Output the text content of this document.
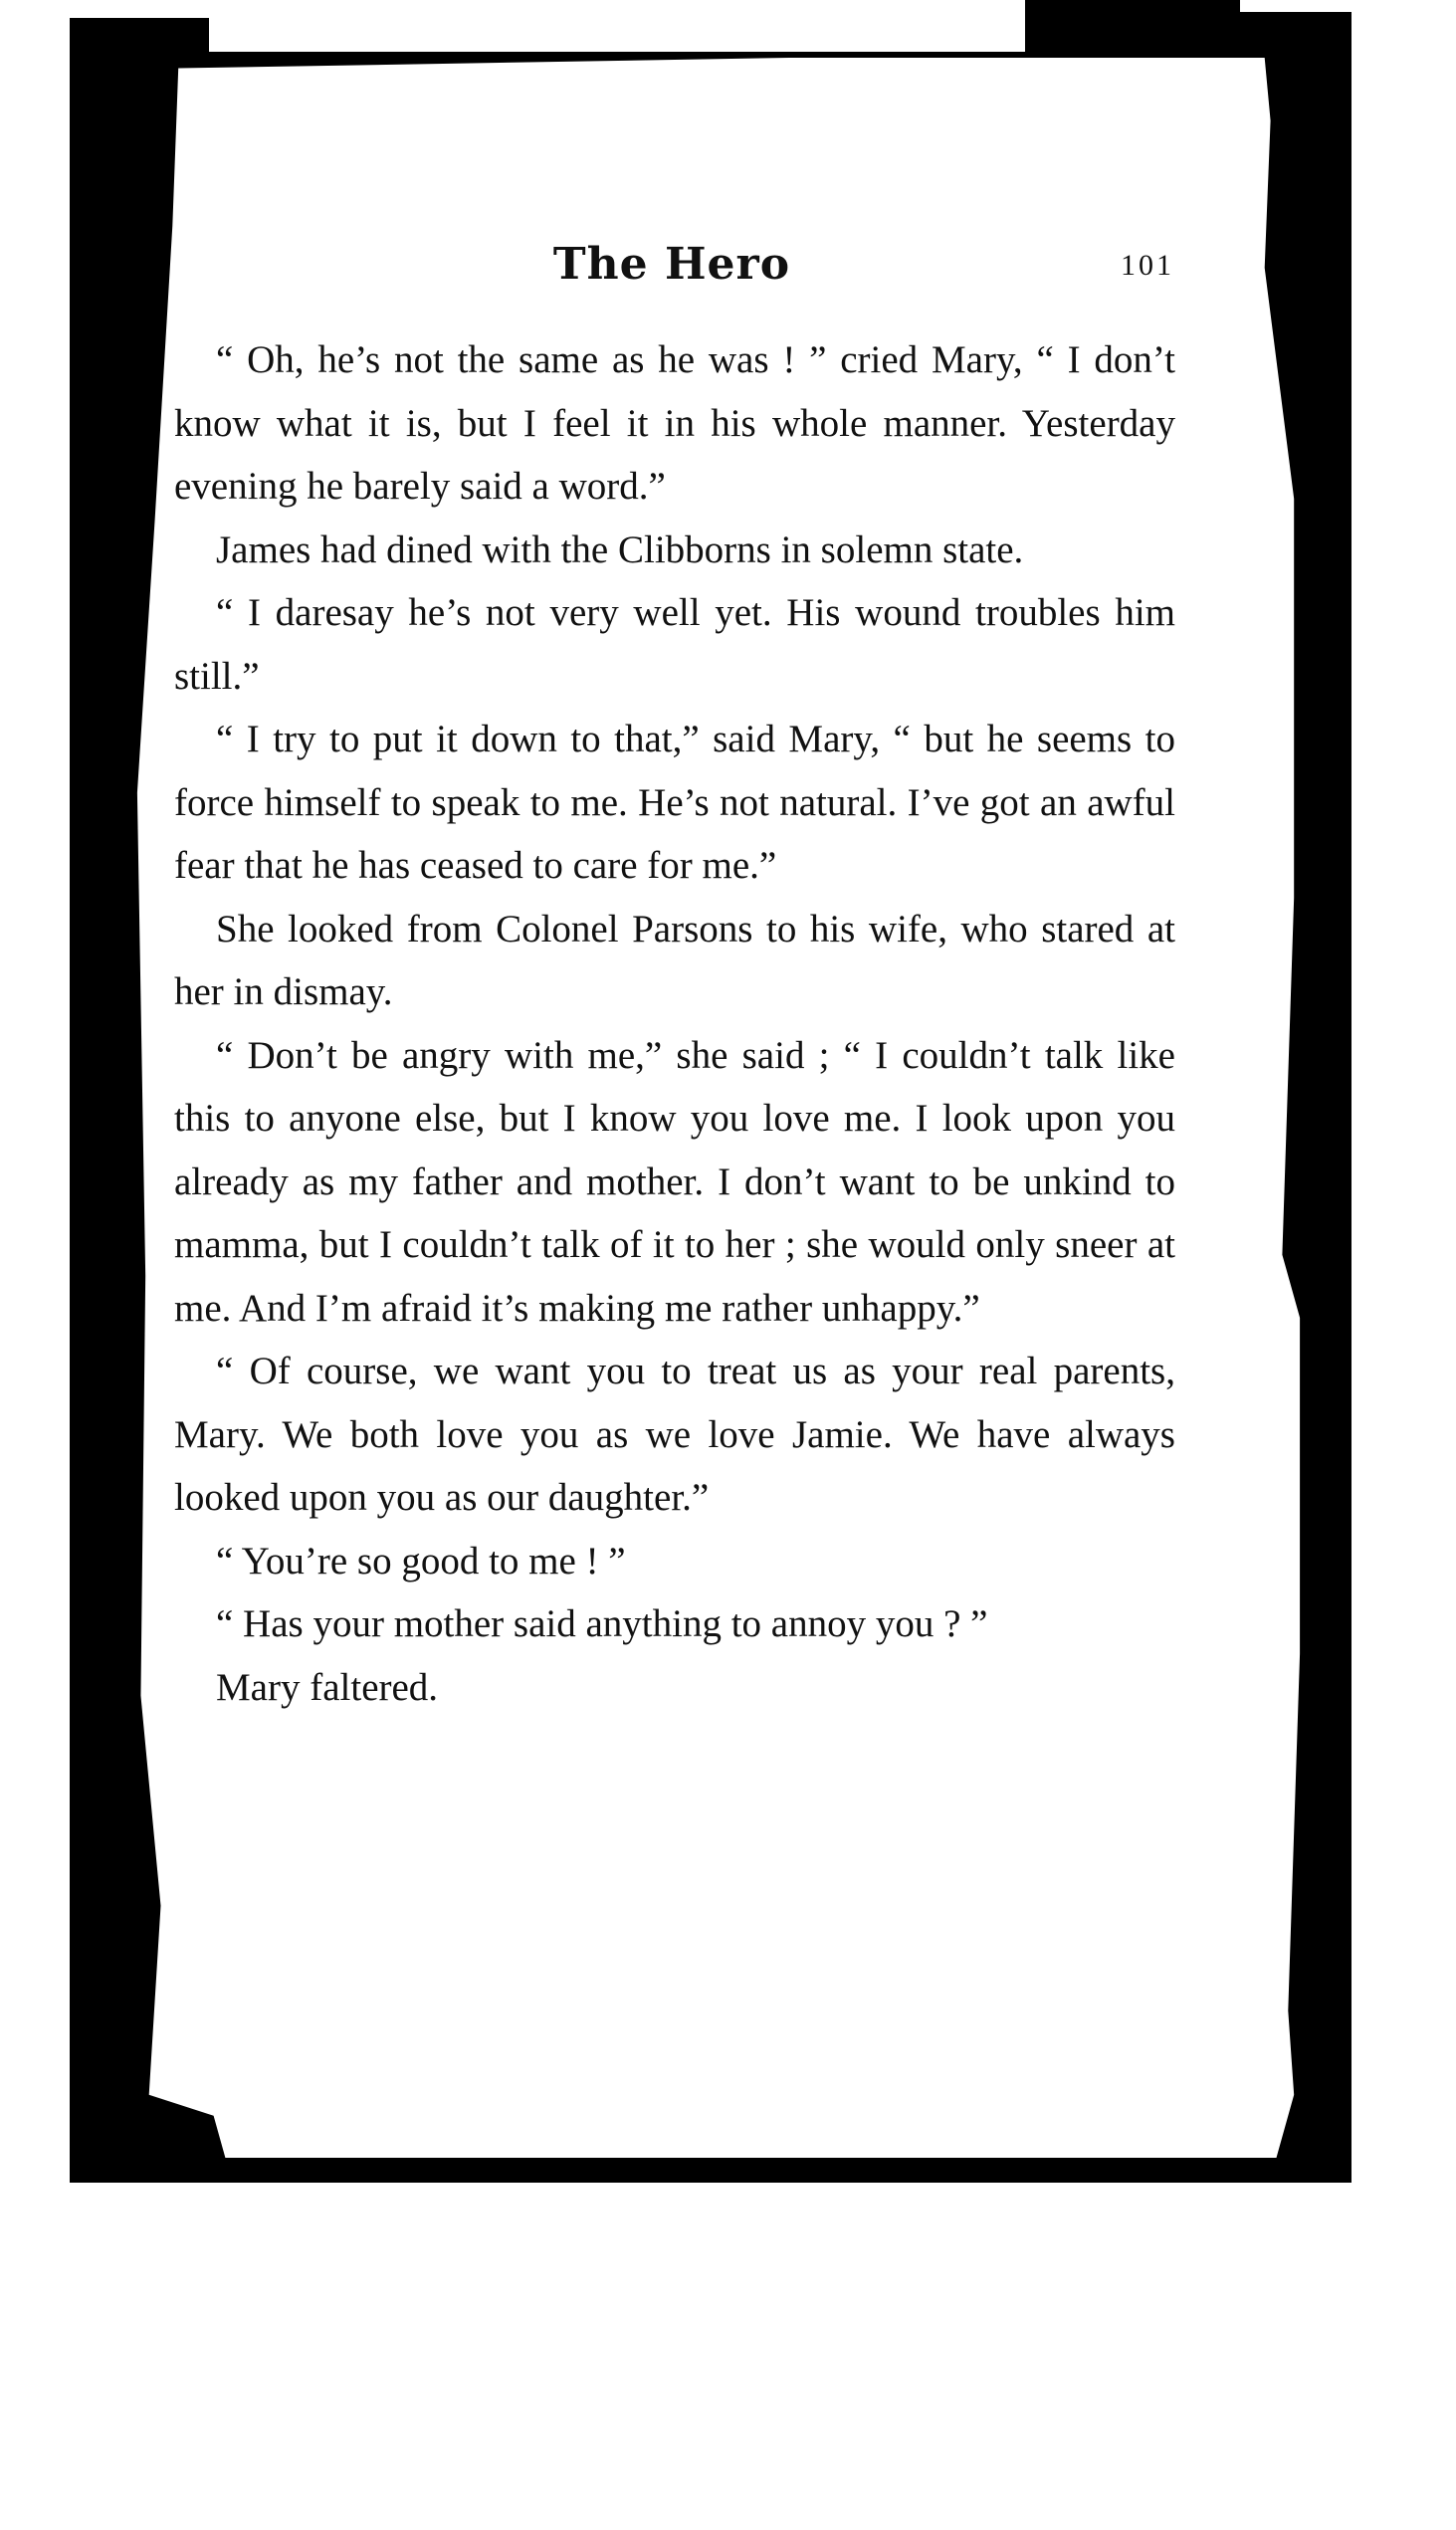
The Hero	101

“ Oh, he’s not the same as he was ! ” cried Mary, “ I don’t know what it is, but I feel it in his whole manner. Yesterday evening he barely said a word.”

James had dined with the Clibborns in solemn state.

“ I daresay he’s not very well yet. His wound troubles him still.”

“ I try to put it down to that,” said Mary, “ but he seems to force himself to speak to me. He’s not natural. I’ve got an awful fear that he has ceased to care for me.”

She looked from Colonel Parsons to his wife, who stared at her in dismay.

“ Don’t be angry with me,” she said ; “ I couldn’t talk like this to anyone else, but I know you love me. I look upon you already as my father and mother. I don’t want to be unkind to mamma, but I couldn’t talk of it to her ; she would only sneer at me. And I’m afraid it’s making me rather unhappy.”

“ Of course, we want you to treat us as your real parents, Mary. We both love you as we love Jamie. We have always looked upon you as our daughter.”

“ You’re so good to me ! ”

“ Has your mother said anything to annoy you ? ”

Mary faltered.
